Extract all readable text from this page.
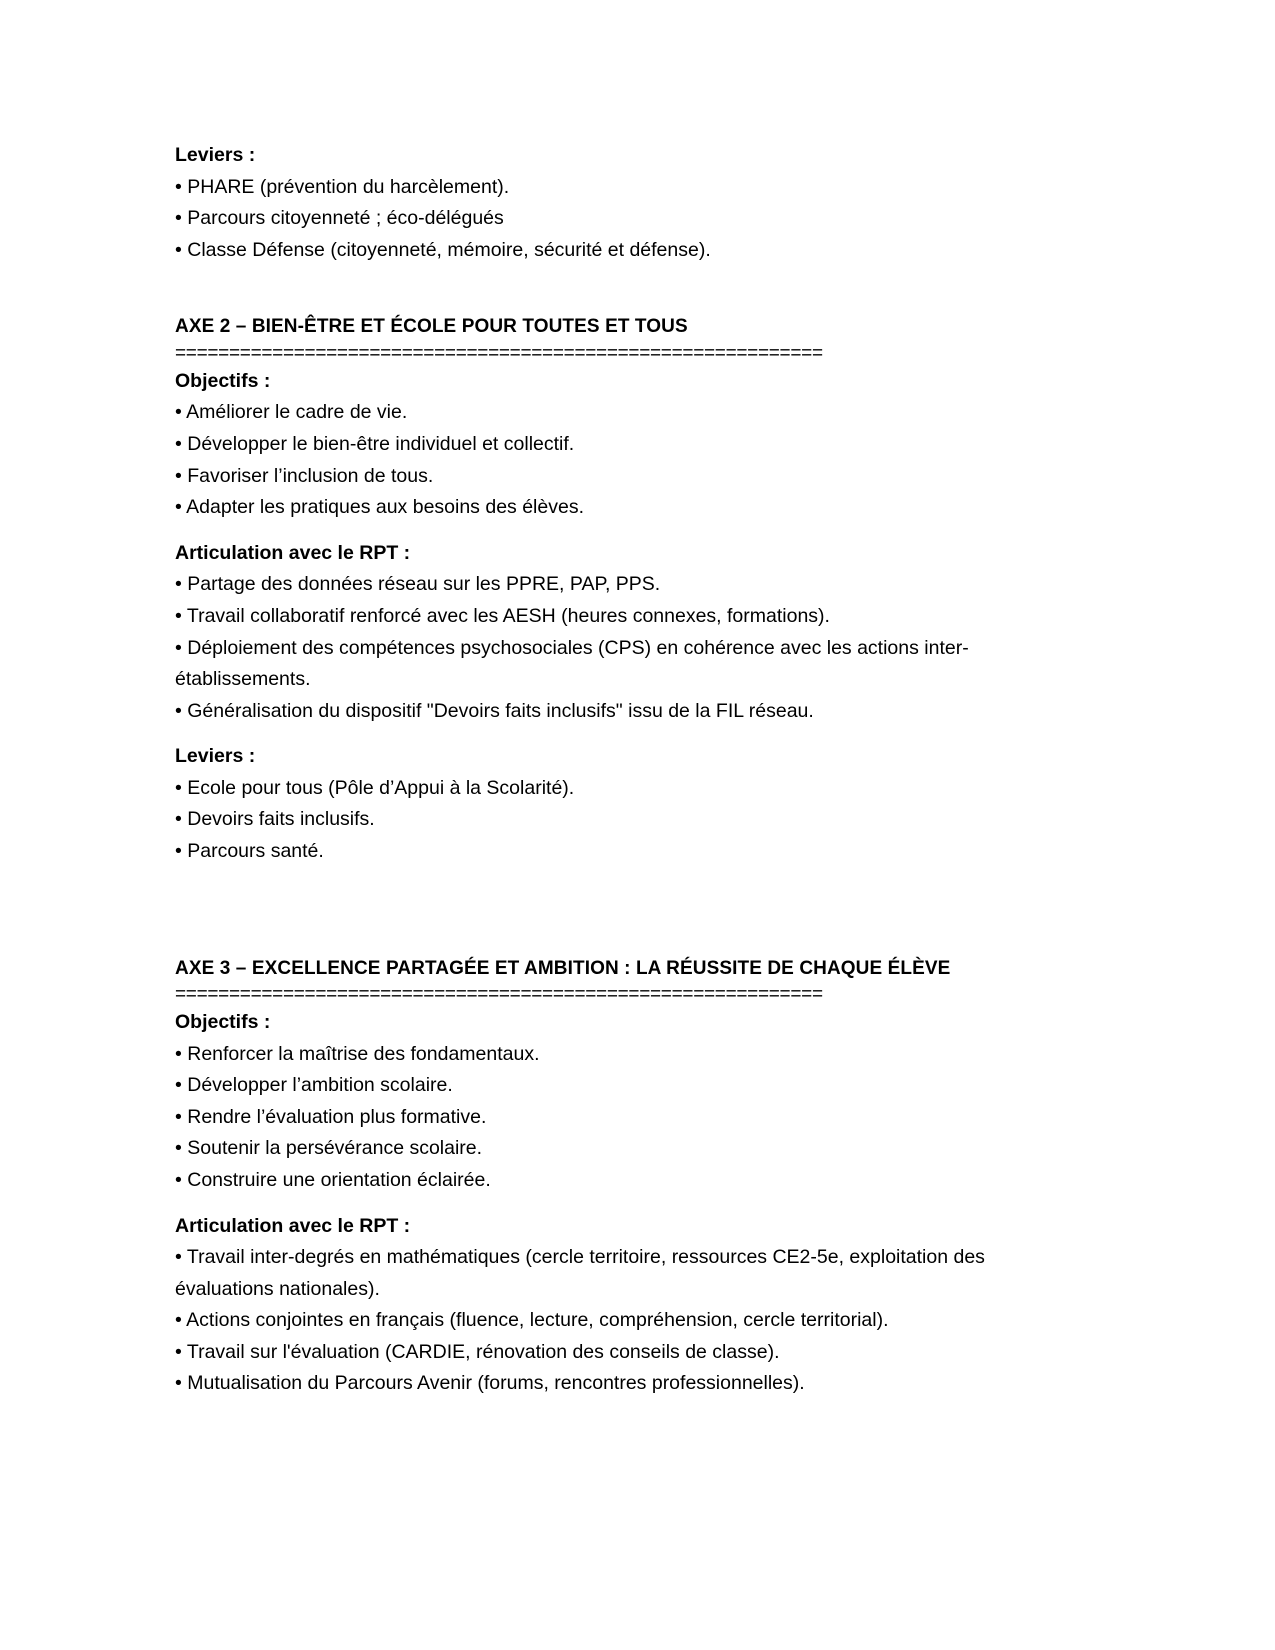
Leviers :

• PHARE (prévention du harcèlement).

• Parcours citoyenneté ; éco-délégués

• Classe Défense (citoyenneté, mémoire, sécurité et défense).

AXE 2 – BIEN-ÊTRE ET ÉCOLE POUR TOUTES ET TOUS

============================================================

Objectifs :

• Améliorer le cadre de vie.

• Développer le bien-être individuel et collectif.

• Favoriser l’inclusion de tous.

• Adapter les pratiques aux besoins des élèves.

Articulation avec le RPT :

• Partage des données réseau sur les PPRE, PAP, PPS.

• Travail collaboratif renforcé avec les AESH (heures connexes, formations).

• Déploiement des compétences psychosociales (CPS) en cohérence avec les actions inter-établissements.

• Généralisation du dispositif "Devoirs faits inclusifs" issu de la FIL réseau.

Leviers :

• Ecole pour tous (Pôle d’Appui à la Scolarité).

• Devoirs faits inclusifs.

• Parcours santé.

AXE 3 – EXCELLENCE PARTAGÉE ET AMBITION : LA RÉUSSITE DE CHAQUE ÉLÈVE

============================================================

Objectifs :

• Renforcer la maîtrise des fondamentaux.

• Développer l’ambition scolaire.

• Rendre l’évaluation plus formative.

• Soutenir la persévérance scolaire.

• Construire une orientation éclairée.

Articulation avec le RPT :

• Travail inter-degrés en mathématiques (cercle territoire, ressources CE2-5e, exploitation des évaluations nationales).

• Actions conjointes en français (fluence, lecture, compréhension, cercle territorial).

• Travail sur l'évaluation (CARDIE, rénovation des conseils de classe).

• Mutualisation du Parcours Avenir (forums, rencontres professionnelles).
